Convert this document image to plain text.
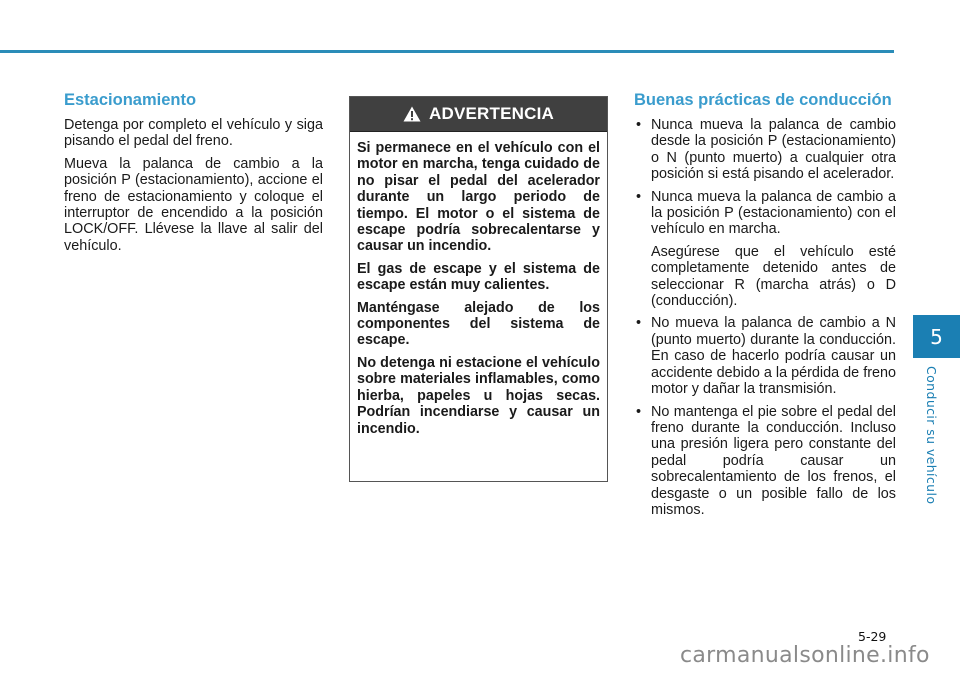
Estacionamiento

Detenga por completo el vehículo y siga pisando el pedal del freno.

Mueva la palanca de cambio a la posición P (estacionamiento), accione el freno de estacionamiento y coloque el interruptor de encendido a la posición LOCK/OFF. Llévese la llave al salir del vehículo.

ADVERTENCIA

Si permanece en el vehículo con el motor en marcha, tenga cuidado de no pisar el pedal del acelerador durante un largo periodo de tiempo. El motor o el sistema de escape podría sobrecalentarse y causar un incendio.

El gas de escape y el sistema de escape están muy calientes.

Manténgase alejado de los componentes del sistema de escape.

No detenga ni estacione el vehículo sobre materiales inflamables, como hierba, papeles u hojas secas. Podrían incendiarse y causar un incendio.

Buenas prácticas de conducción
• Nunca mueva la palanca de cambio desde la posición P (estacionamiento) o N (punto muerto) a cualquier otra posición si está pisando el acelerador.

• Nunca mueva la palanca de cambio a la posición P (estacionamiento) con el vehículo en marcha.

Asegúrese que el vehículo esté completamente detenido antes de seleccionar R (marcha atrás) o D (conducción).

• No mueva la palanca de cambio a N (punto muerto) durante la conducción. En caso de hacerlo podría causar un accidente debido a la pérdida de freno motor y dañar la transmisión.

• No mantenga el pie sobre el pedal del freno durante la conducción. Incluso una presión ligera pero constante del pedal podría causar un sobrecalentamiento de los frenos, el desgaste o un posible fallo de los mismos.

5
Conducir su vehículo
5-29
carmanualsonline.info
